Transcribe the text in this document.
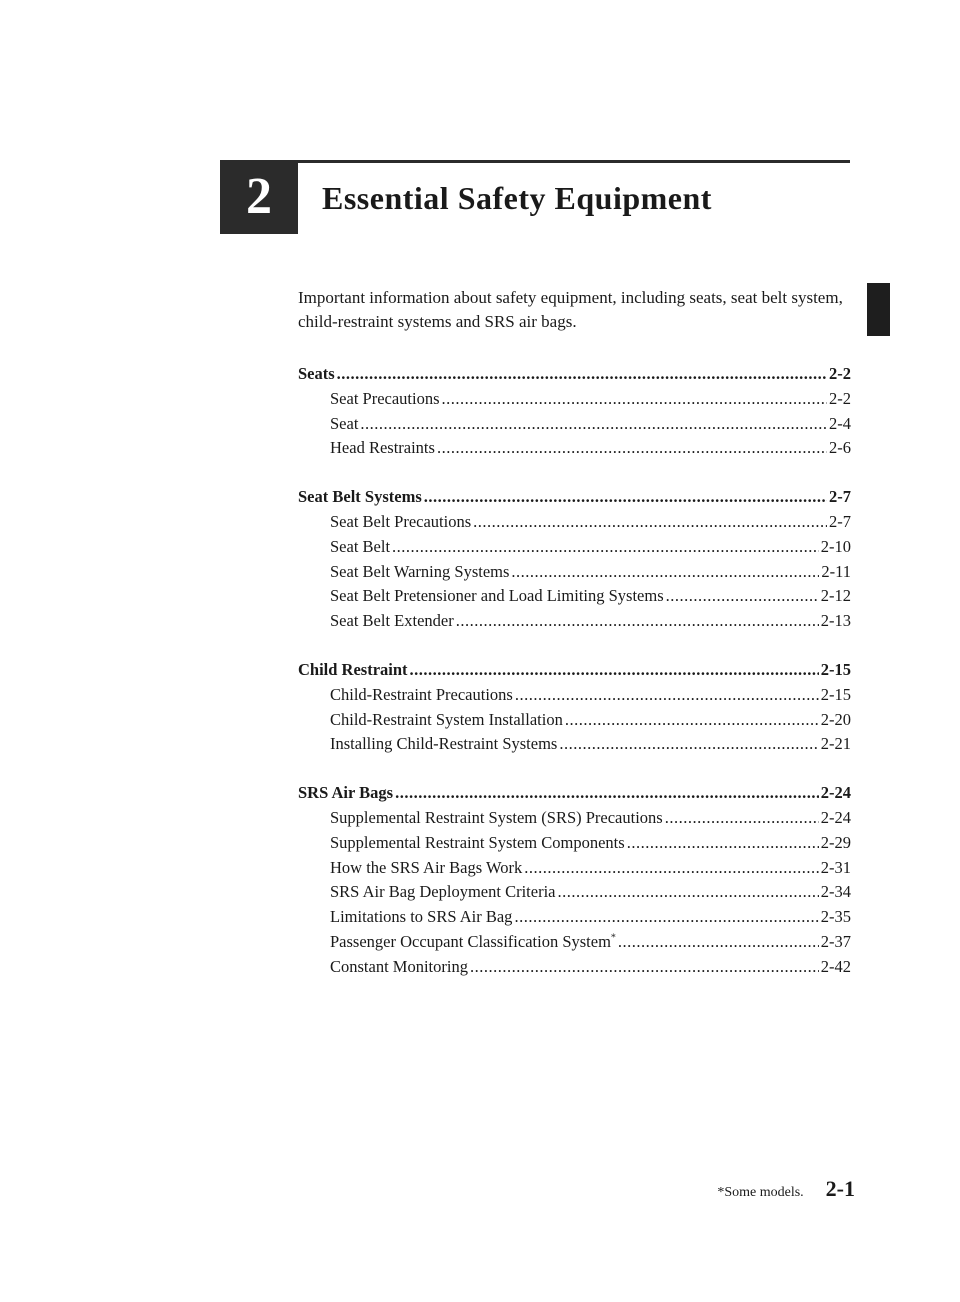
2	Essential Safety Equipment
Important information about safety equipment, including seats, seat belt system, child-restraint systems and SRS air bags.
Seats .....	2-2
Seat Precautions .....	2-2
Seat .....	2-4
Head Restraints .....	2-6
Seat Belt Systems .....	2-7
Seat Belt Precautions .....	2-7
Seat Belt .....	2-10
Seat Belt Warning Systems .....	2-11
Seat Belt Pretensioner and Load Limiting Systems .....	2-12
Seat Belt Extender .....	2-13
Child Restraint .....	2-15
Child-Restraint Precautions .....	2-15
Child-Restraint System Installation .....	2-20
Installing Child-Restraint Systems .....	2-21
SRS Air Bags .....	2-24
Supplemental Restraint System (SRS) Precautions .....	2-24
Supplemental Restraint System Components .....	2-29
How the SRS Air Bags Work .....	2-31
SRS Air Bag Deployment Criteria .....	2-34
Limitations to SRS Air Bag .....	2-35
Passenger Occupant Classification System* .....	2-37
Constant Monitoring .....	2-42
*Some models. 2-1
